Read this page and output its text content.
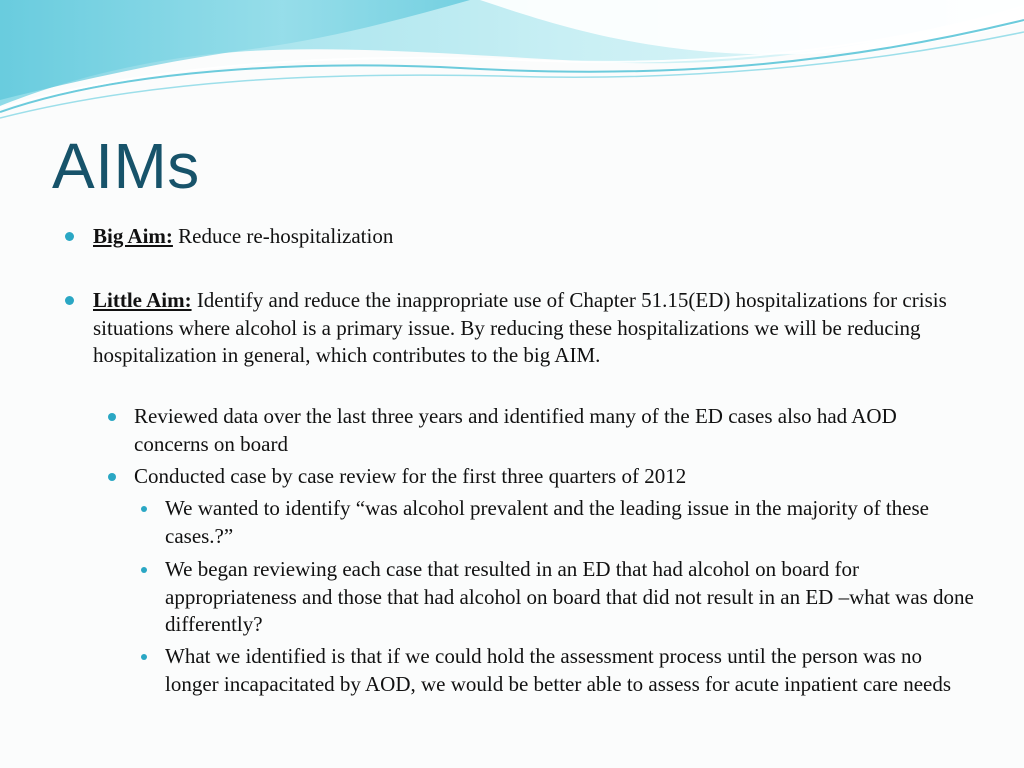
AIMs
Big Aim: Reduce re-hospitalization
Little Aim: Identify and reduce the inappropriate use of Chapter 51.15(ED) hospitalizations for crisis situations where alcohol is a primary issue. By reducing these hospitalizations we will be reducing hospitalization in general, which contributes to the big AIM.
Reviewed data over the last three years and identified many of the ED cases also had AOD concerns on board
Conducted case by case review for the first three quarters of 2012
We wanted to identify “was alcohol prevalent and the leading issue in the majority of these cases.?”
We began reviewing each case that resulted in an ED that had alcohol on board for appropriateness and those that had alcohol on board that did not result in an ED –what was done differently?
What we identified is that if we could hold the assessment process until the person was no longer incapacitated by AOD, we would be better able to assess for acute inpatient care needs
